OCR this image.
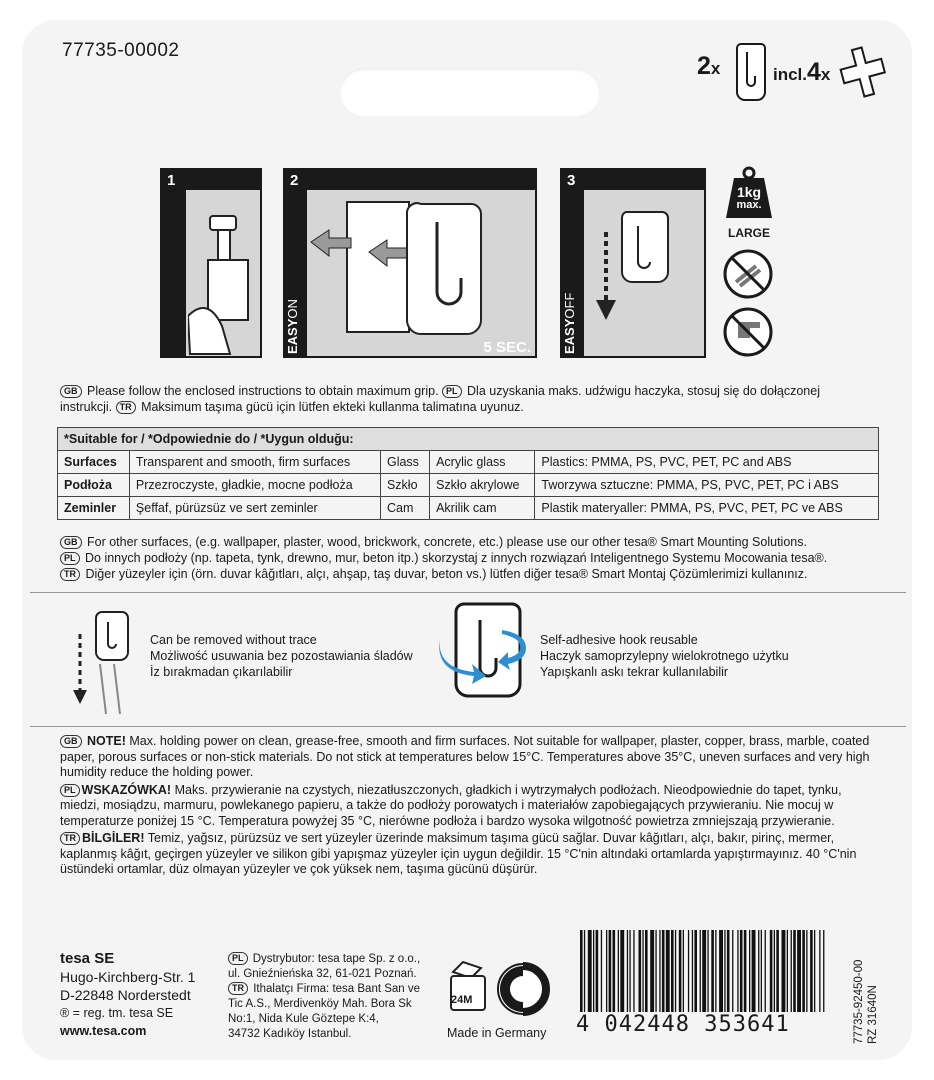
77735-00002
2x	incl.4x
1	2
EASYON
5 SEC.
3
EASYOFF
1kg
max.
LARGE
GB Please follow the enclosed instructions to obtain maximum grip. PL Dla uzyskania maks. udźwigu haczyka, stosuj się do dołączonej
instrukcji. TR Maksimum taşıma gücü için lütfen ekteki kullanma talimatına uyunuz.
*Suitable for / *Odpowiednie do / *Uygun olduğu:				
Surfaces	Transparent and smooth, firm surfaces	Glass	Acrylic glass	Plastics: PMMA, PS, PVC, PET, PC and ABS
Podłoża	Przezroczyste, gładkie, mocne podłoża	Szkło	Szkło akrylowe	Tworzywa sztuczne: PMMA, PS, PVC, PET, PC i ABS
Zeminler	Şeffaf, pürüzsüz ve sert zeminler	Cam	Akrilik cam	Plastik materyaller: PMMA, PS, PVC, PET, PC ve ABS
GB For other surfaces, (e.g. wallpaper, plaster, wood, brickwork, concrete, etc.) please use our other tesa® Smart Mounting Solutions.
PL Do innych podłoży (np. tapeta, tynk, drewno, mur, beton itp.) skorzystaj z innych rozwiązań Inteligentnego Systemu Mocowania tesa®.
TR Diğer yüzeyler için (örn. duvar kâğıtları, alçı, ahşap, taş duvar, beton vs.) lütfen diğer tesa® Smart Montaj Çözümlerimizi kullanınız.
Can be removed without trace
Możliwość usuwania bez pozostawiania śladów
İz bırakmadan çıkarılabilir
Self-adhesive hook reusable
Haczyk samoprzylepny wielokrotnego użytku
Yapışkanlı askı tekrar kullanılabilir
GB NOTE! Max. holding power on clean, grease-free, smooth and firm surfaces. Not suitable for wallpaper, plaster, copper, brass, marble, coated
paper, porous surfaces or non-stick materials. Do not stick at temperatures below 15°C. Temperatures above 35°C, uneven surfaces and very high
humidity reduce the holding power.
PL WSKAZÓWKA! Maks. przywieranie na czystych, niezatłuszczonych, gładkich i wytrzymałych podłożach. Nieodpowiednie do tapet, tynku,
miedzi, mosiądzu, marmuru, powlekanego papieru, a także do podłoży porowatych i materiałów zapobiegających przywieraniu. Nie mocuj w
temperaturze poniżej 15 °C. Temperatura powyżej 35 °C, nierówne podłoża i bardzo wysoka wilgotność powietrza zmniejszają przywieranie.
TR BİLGİLER! Temiz, yağsız, pürüzsüz ve sert yüzeyler üzerinde maksimum taşıma gücü sağlar. Duvar kâğıtları, alçı, bakır, pirinç, mermer,
kaplanmış kâğıt, geçirgen yüzeyler ve silikon gibi yapışmaz yüzeyler için uygun değildir. 15 °C'nin altındaki ortamlarda yapıştırmayınız. 40 °C'nin
üstündeki ortamlar, düz olmayan yüzeyler ve çok yüksek nem, taşıma gücünü düşürür.
tesa SE
Hugo-Kirchberg-Str. 1
D-22848 Norderstedt
® = reg. tm. tesa SE
www.tesa.com
PL Dystrybutor: tesa tape Sp. z o.o.,
ul. Gnieźnieńska 32, 61-021 Poznań.
TR Ithalatçı Firma: tesa Bant San ve
Tic A.S., Merdivenköy Mah. Bora Sk
No:1, Nida Kule Göztepe K:4,
34732 Kadıköy Istanbul.
24M
Made in Germany 4 042448 353641	77735-92450-00 RZ 31640N
